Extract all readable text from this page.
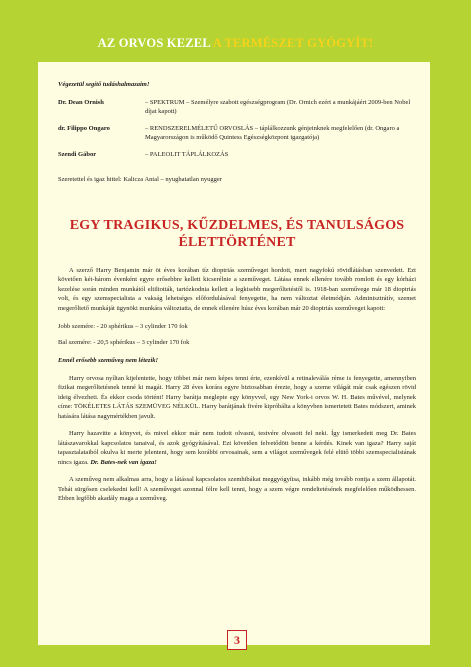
AZ ORVOS KEZEL A TERMÉSZET GYÓGYÍT!

Végezetül segítő tudáshalmazaim!

Dr. Dean Ornish	– SPEKTRUM – Személyre szabott egészségprogram (Dr. Ornich ezért a munkájáért 2009-ben Nobel díjat kapott)
dr. Filippo Ongaro	– RENDSZERELMÉLETŰ ORVOSLÁS – táplálkozzunk génjeinknek megfelelően (dr. Ongaro a Magyarországon is működő Quintess Egészségközpont igazgatója)
Szendi Gábor	– PALEOLIT TÁPLÁLKOZÁS

Szeretettel és igaz hittel: Kalicza Antal – nyughatatlan nyugger

EGY TRAGIKUS, KŰZDELMES, ÉS TANULSÁGOS ÉLETTÖRTÉNET

A szerző Harry Benjamin már öt éves korában tíz dioptriás szeműveget hordott, mert nagyfokú rövidlátásban szenvedett. Ezt követően két-három évenként egyre erősebbre kellett kicserélnie a szeműveget. Látása ennek ellenére tovább romlott és egy kórházi kezelése során minden munkától eltiltották, tartózkodnia kellett a legkisebb megerőltetéstől is. 1918-ban szeművege már 18 dioptriás volt, és egy szemspecialista a vakság lehetséges előfordulásával fenyegette, ha nem változtat életmódján. Adminisztrátív, szemet megerőltető munkáját ügynöki munkára változtatta, de ennek ellenére húsz éves korában már 20 dioptriás szeműveget kapott:

Jobb szemére: - 20 sphérikus – 3 cylinder 170 fok

Bal szemére: - 20,5 sphérikus – 3 cylinder 170 fok

Ennél erősebb szeműveg nem létezik!

Harry orvosa nyíltan kijelentette, hogy többet már nem képes tenni érte, ezenkívül a retinaleválás réme is fenyegette, amennyiben fizikai megerőltetésnek tenné ki magát. Harry 28 éves korára egyre biztosabban érezte, hogy a szeme világát már csak egészen rövid ideig élvezheti. És ekkor csoda történt! Harry barátja meglepte egy könyvvel, egy New York-i orvos W. H. Bates művével, melynek címe: TÖKÉLETES LÁTÁS SZEMÜVEG NÉLKÜL. Harry barátjának fivére kipróbálta a könyvben ismertetett Bates módszert, aminek hatására látása nagymértékben javult.

Harry hazavitte a könyvet, és mivel ekkor már nem tudott olvasni, testvére olvasott fel neki. Így ismerkedett meg Dr. Bates látászavarokkal kapcsolatos tanaival, és azok gyógyításával. Ezt követően felvetődött benne a kérdés. Kinek van igaza? Harry saját tapasztalataiból okulva ki merte jelenteni, hogy sem korábbi orvosainak, sem a világot szeművegek felé elütő többi szemspecialistának nincs igaza. Dr. Bates-nek van igaza!

A szeműveg nem alkalmas arra, hogy a látással kapcsolatos szemhibákat meggyógyítsa, inkább még tovább rontja a szem állapotát. Tehát sürgősen cselekedni kell! A szeműveget azonnal félre kell tenni, hogy a szem végre rendeltetésének megfelelően működhessen. Ebben legfőbb akadály maga a szeműveg.

3
